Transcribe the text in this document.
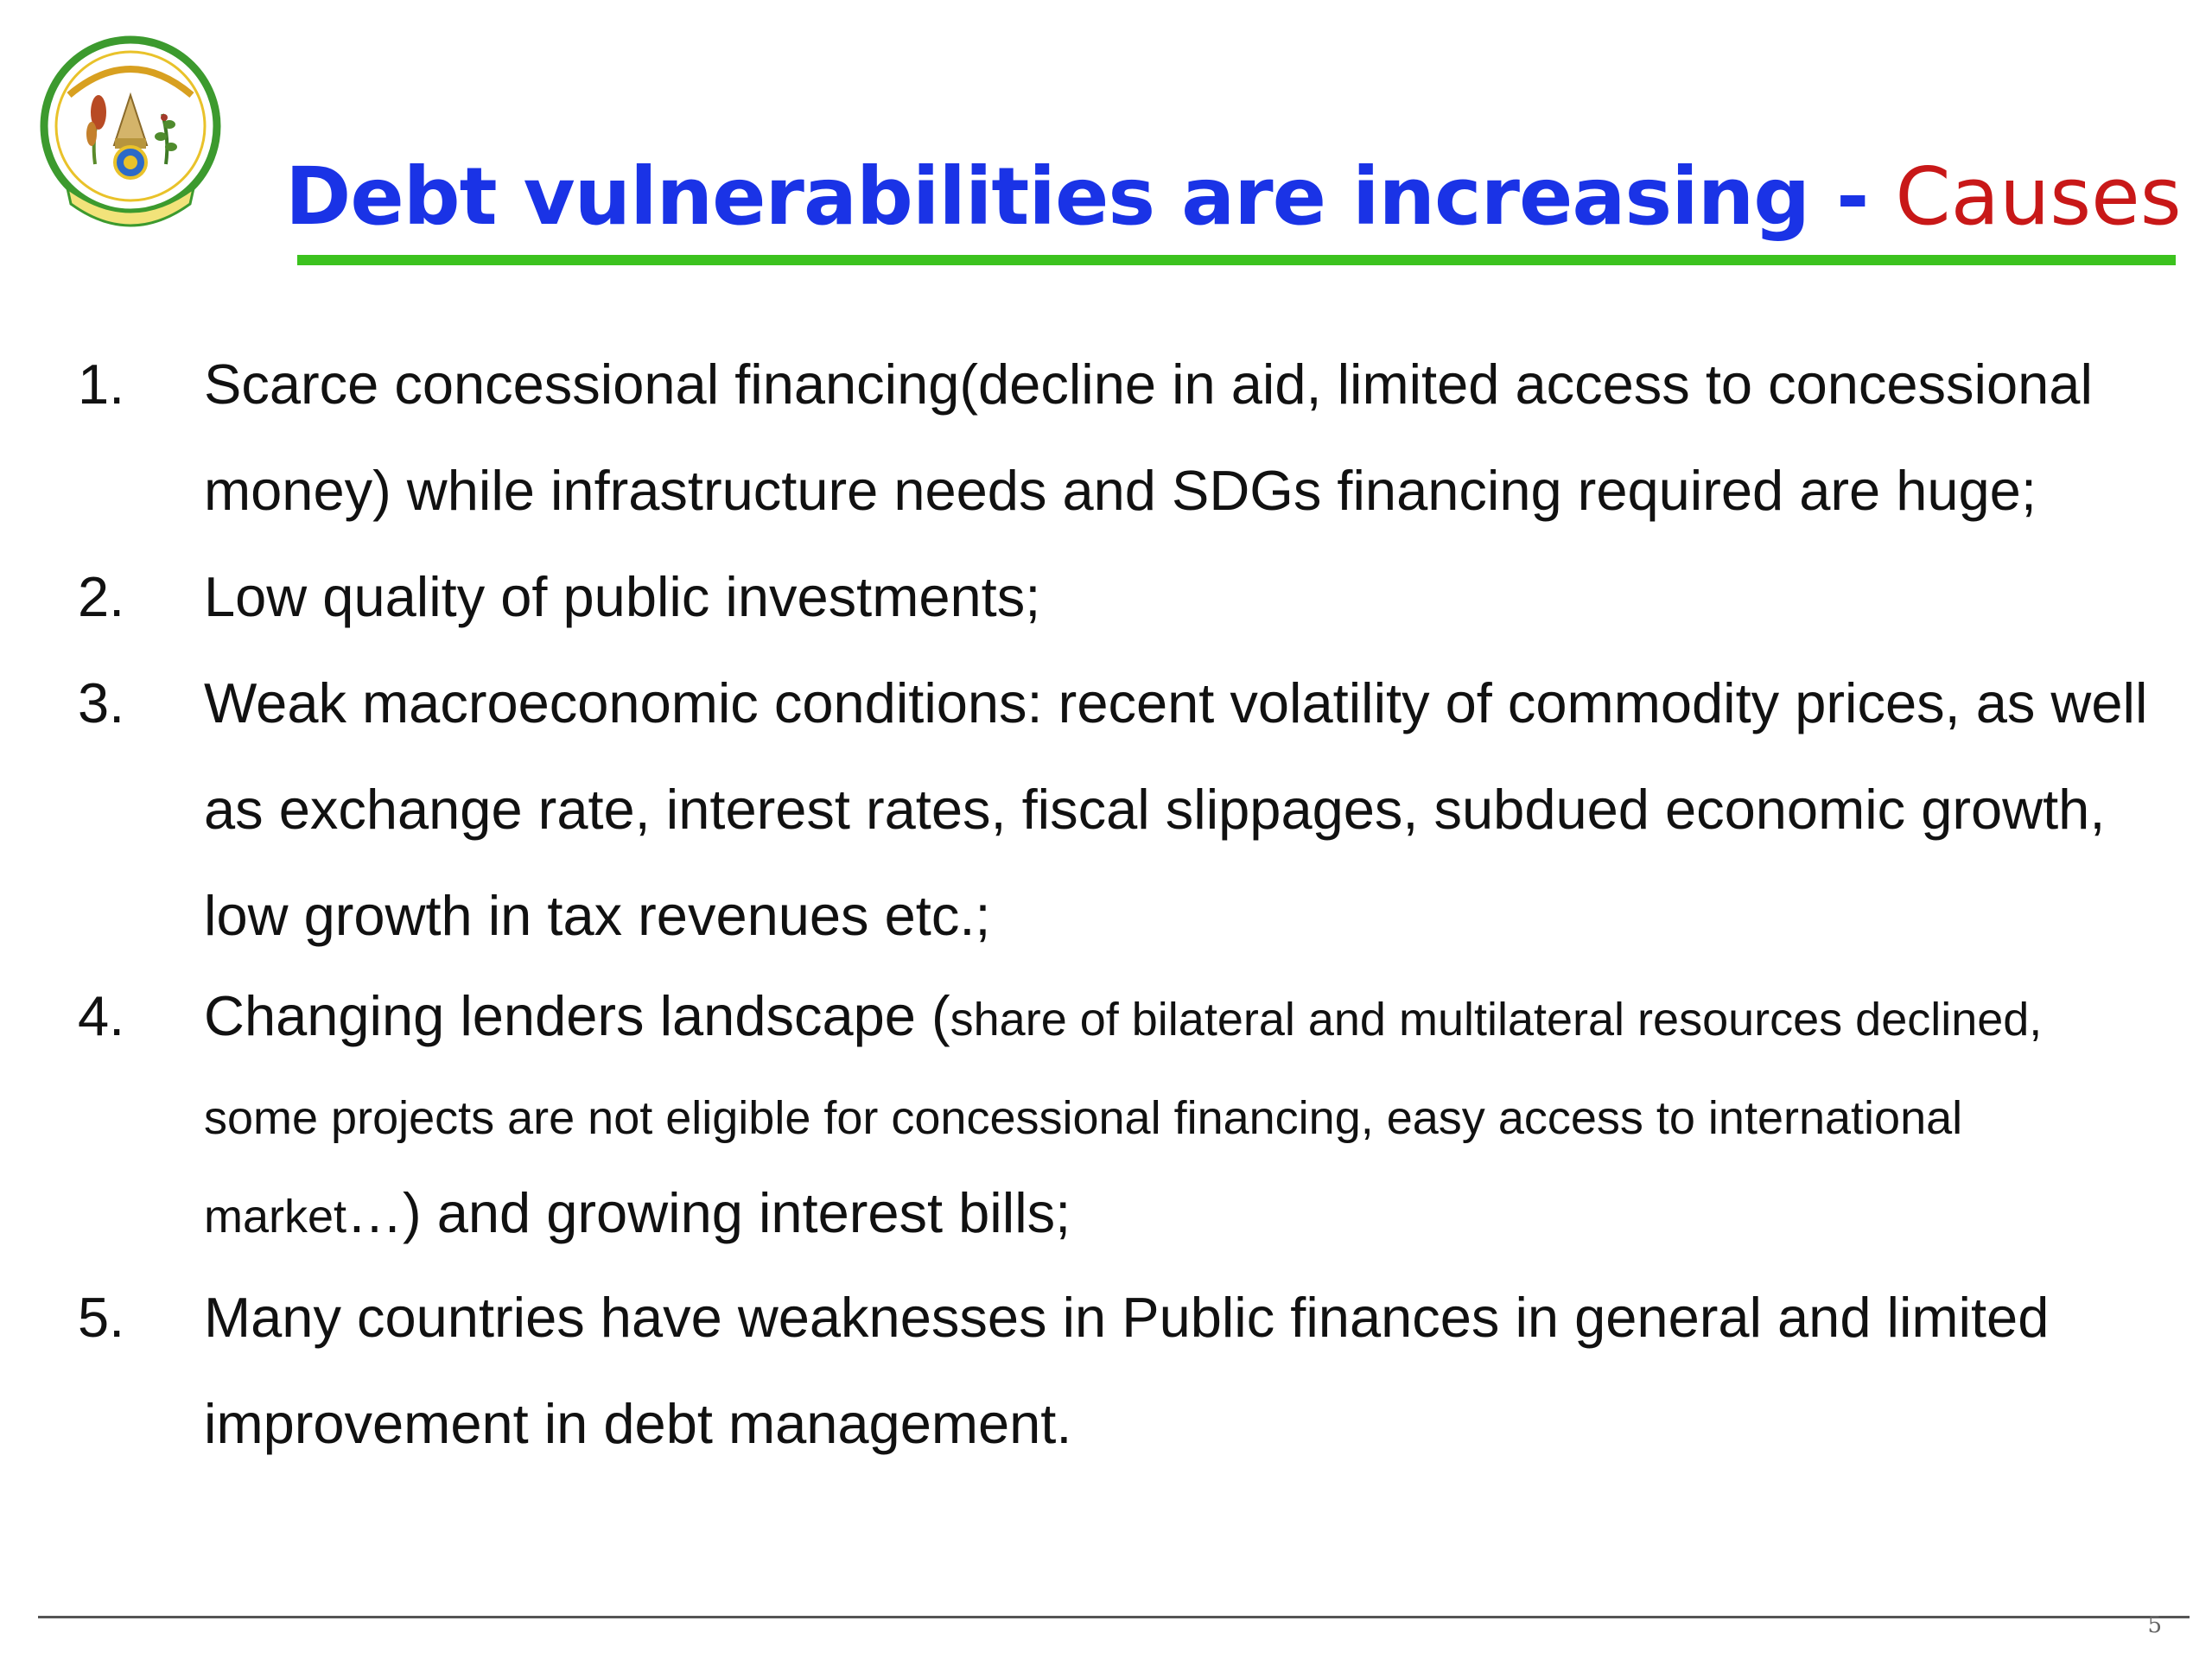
Debt vulnerabilities are increasing - Causes
1. Scarce concessional financing(decline in aid, limited access to concessional money) while infrastructure needs and SDGs financing required are huge;
2. Low quality of public investments;
3. Weak macroeconomic conditions: recent volatility of commodity prices, as well as exchange rate, interest rates, fiscal slippages, subdued economic growth, low growth in tax revenues etc.;
4. Changing lenders landscape (share of bilateral and multilateral resources declined, some projects are not eligible for concessional financing, easy access to international market…) and growing interest bills;
5. Many countries have weaknesses in Public finances in general and limited improvement in debt management.
5
